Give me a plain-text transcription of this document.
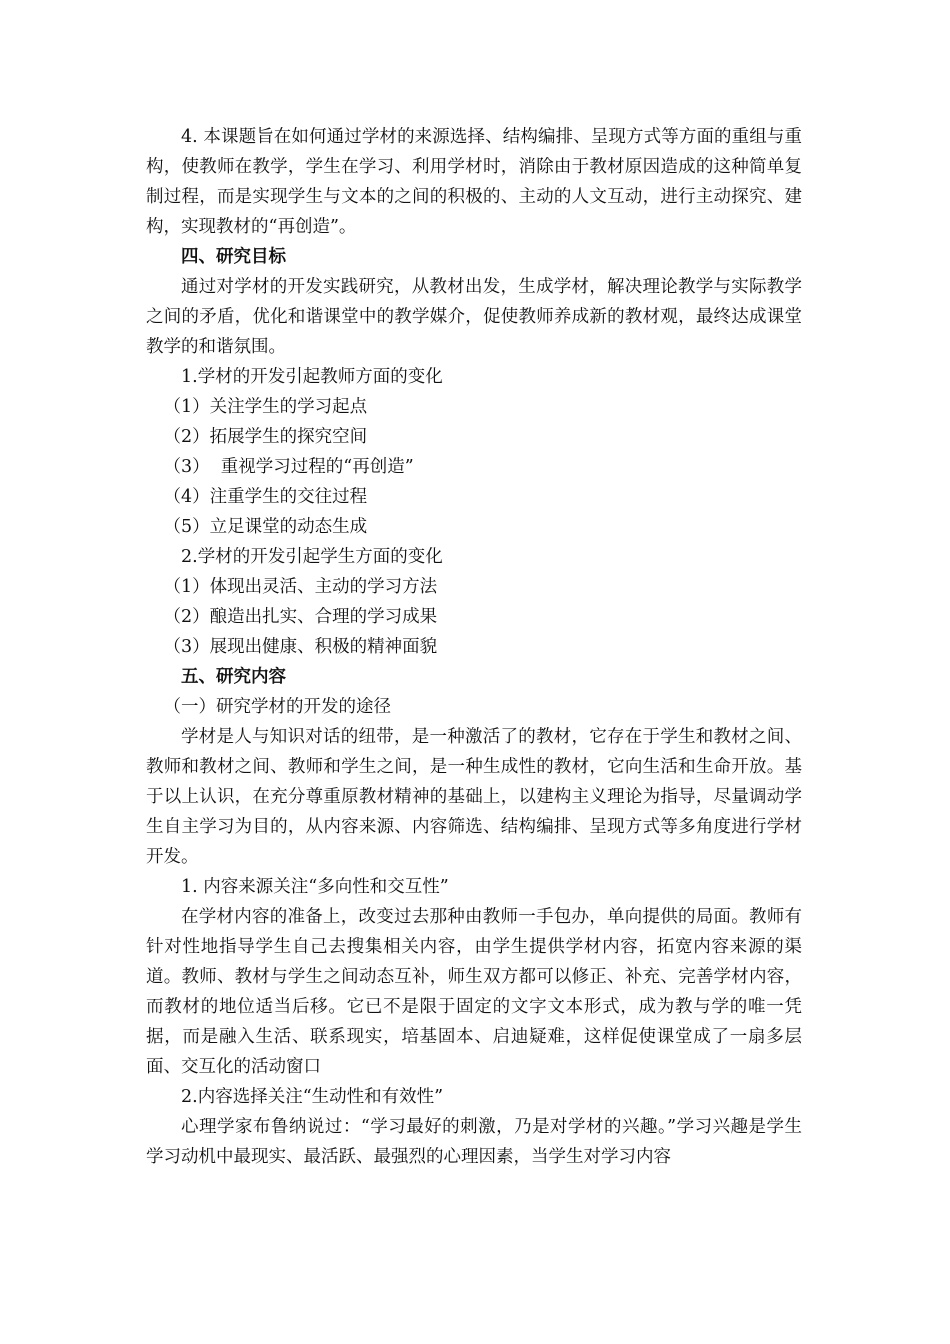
4. 本课题旨在如何通过学材的来源选择、结构编排、呈现方式等方面的重组与重构，使教师在教学，学生在学习、利用学材时，消除由于教材原因造成的这种简单复制过程，而是实现学生与文本的之间的积极的、主动的人文互动，进行主动探究、建构，实现教材的“再创造”。

四、研究目标

通过对学材的开发实践研究，从教材出发，生成学材，解决理论教学与实际教学之间的矛盾，优化和谐课堂中的教学媒介，促使教师养成新的教材观，最终达成课堂教学的和谐氛围。

1.学材的开发引起教师方面的变化

（1）关注学生的学习起点

（2）拓展学生的探究空间

（3）  重视学习过程的“再创造”

（4）注重学生的交往过程

（5）立足课堂的动态生成

2.学材的开发引起学生方面的变化

（1）体现出灵活、主动的学习方法

（2）酿造出扎实、合理的学习成果

（3）展现出健康、积极的精神面貌

五、研究内容

（一）研究学材的开发的途径

学材是人与知识对话的纽带，是一种激活了的教材，它存在于学生和教材之间、教师和教材之间、教师和学生之间，是一种生成性的教材，它向生活和生命开放。基于以上认识，在充分尊重原教材精神的基础上，以建构主义理论为指导，尽量调动学生自主学习为目的，从内容来源、内容筛选、结构编排、呈现方式等多角度进行学材开发。

1. 内容来源关注“多向性和交互性”

在学材内容的准备上，改变过去那种由教师一手包办，单向提供的局面。教师有针对性地指导学生自己去搜集相关内容，由学生提供学材内容，拓宽内容来源的渠道。教师、教材与学生之间动态互补，师生双方都可以修正、补充、完善学材内容，而教材的地位适当后移。它已不是限于固定的文字文本形式，成为教与学的唯一凭据，而是融入生活、联系现实，培基固本、启迪疑难，这样促使课堂成了一扇多层面、交互化的活动窗口

2.内容选择关注“生动性和有效性”

心理学家布鲁纳说过：“学习最好的刺激，乃是对学材的兴趣。”学习兴趣是学生学习动机中最现实、最活跃、最强烈的心理因素，当学生对学习内容
